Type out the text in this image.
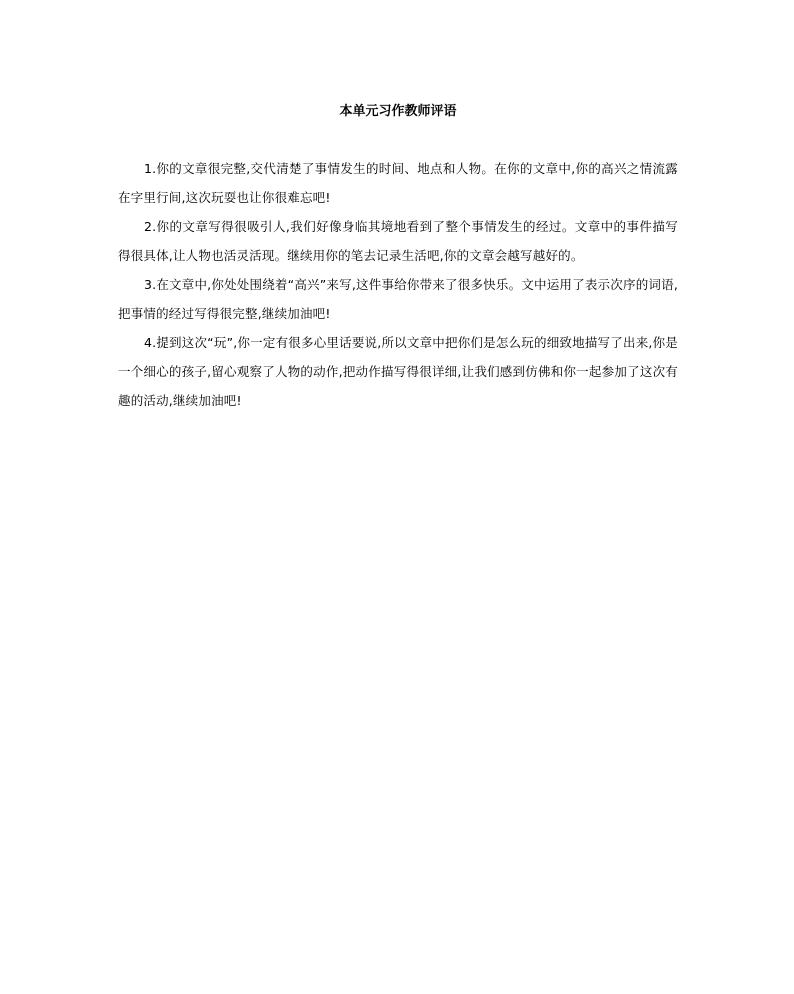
本单元习作教师评语

1.你的文章很完整,交代清楚了事情发生的时间、地点和人物。在你的文章中,你的高兴之情流露在字里行间,这次玩耍也让你很难忘吧!

2.你的文章写得很吸引人,我们好像身临其境地看到了整个事情发生的经过。文章中的事件描写得很具体,让人物也活灵活现。继续用你的笔去记录生活吧,你的文章会越写越好的。

3.在文章中,你处处围绕着“高兴”来写,这件事给你带来了很多快乐。文中运用了表示次序的词语,把事情的经过写得很完整,继续加油吧!

4.提到这次“玩”,你一定有很多心里话要说,所以文章中把你们是怎么玩的细致地描写了出来,你是一个细心的孩子,留心观察了人物的动作,把动作描写得很详细,让我们感到仿佛和你一起参加了这次有趣的活动,继续加油吧!
